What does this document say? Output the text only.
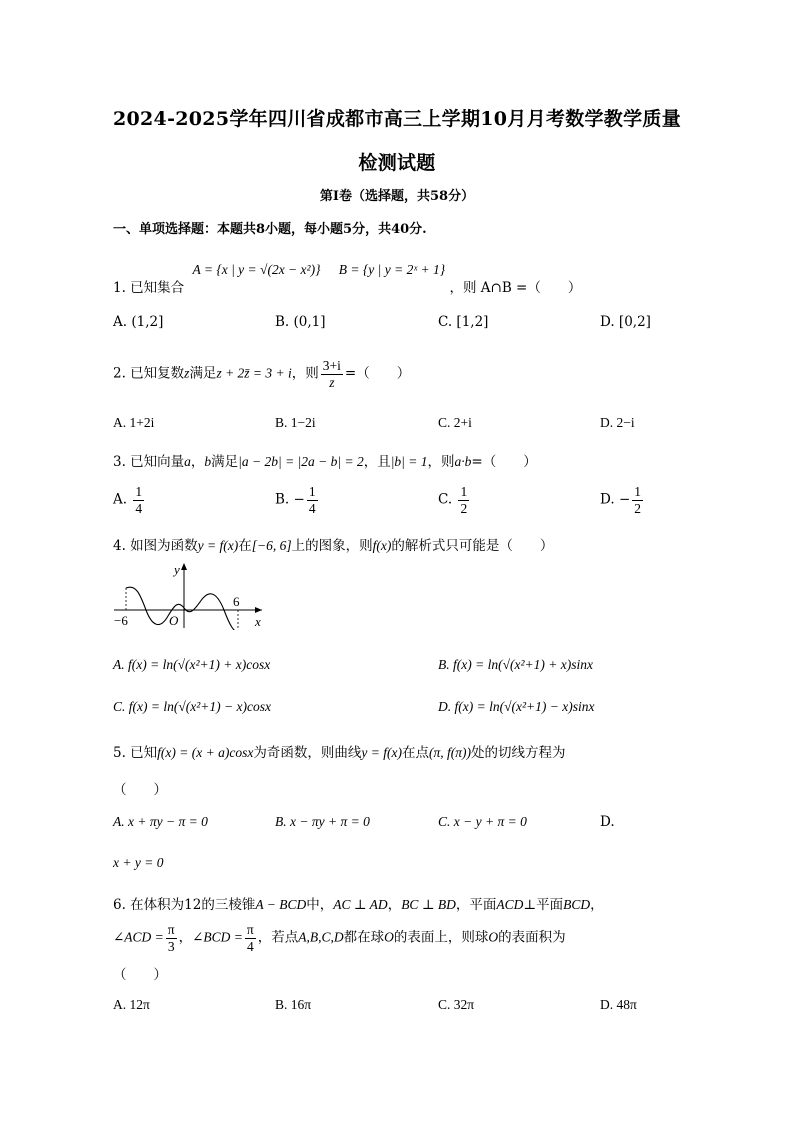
2024-2025学年四川省成都市高三上学期10月月考数学教学质量
检测试题
第I卷（选择题，共58分）
一、单项选择题：本题共8小题，每小题5分，共40分.
1. 已知集合 A = {x | y = √(2x − x²)} B = {y | y = 2ˣ + 1} ，则 A∩B =（　　）
A. (1,2]	B. (0,1]	C. [1,2]	D. [0,2]
2. 已知复数z满足z + 2z̄ = 3 + i，则 $\frac{3+i}{z}$ =（　　）
A. 1+2i	B. 1−2i	C. 2+i	D. 2−i
3. 已知向量a，b满足|a − 2b| = |2a − b| = 2，且|b| = 1，则a·b=（　　）
A. $\frac{1}{4}$	B. − $\frac{1}{4}$	C. $\frac{1}{2}$	D. − $\frac{1}{2}$
4. 如图为函数y = f(x)在[−6, 6]上的图象，则f(x)的解析式只可能是（　　）
y
x
−6
6
O
A. f(x) = ln(√(x²+1) + x)cosx	B. f(x) = ln(√(x²+1) + x)sinx
C. f(x) = ln(√(x²+1) − x)cosx	D. f(x) = ln(√(x²+1) − x)sinx
5. 已知f(x) = (x + a)cosx为奇函数，则曲线y = f(x)在点(π, f(π))处的切线方程为
（　　）
A. x + πy − π = 0	B. x − πy + π = 0	C. x − y + π = 0	D.
x + y = 0
6. 在体积为12的三棱锥A − BCD中，AC ⊥ AD，BC ⊥ BD，平面ACD⊥平面BCD，
∠ACD = $\frac{\pi}{3}$ ，∠BCD = $\frac{\pi}{4}$ ，若点A,B,C,D都在球O的表面上，则球O的表面积为
（　　）
A. 12π	B. 16π	C. 32π	D. 48π
